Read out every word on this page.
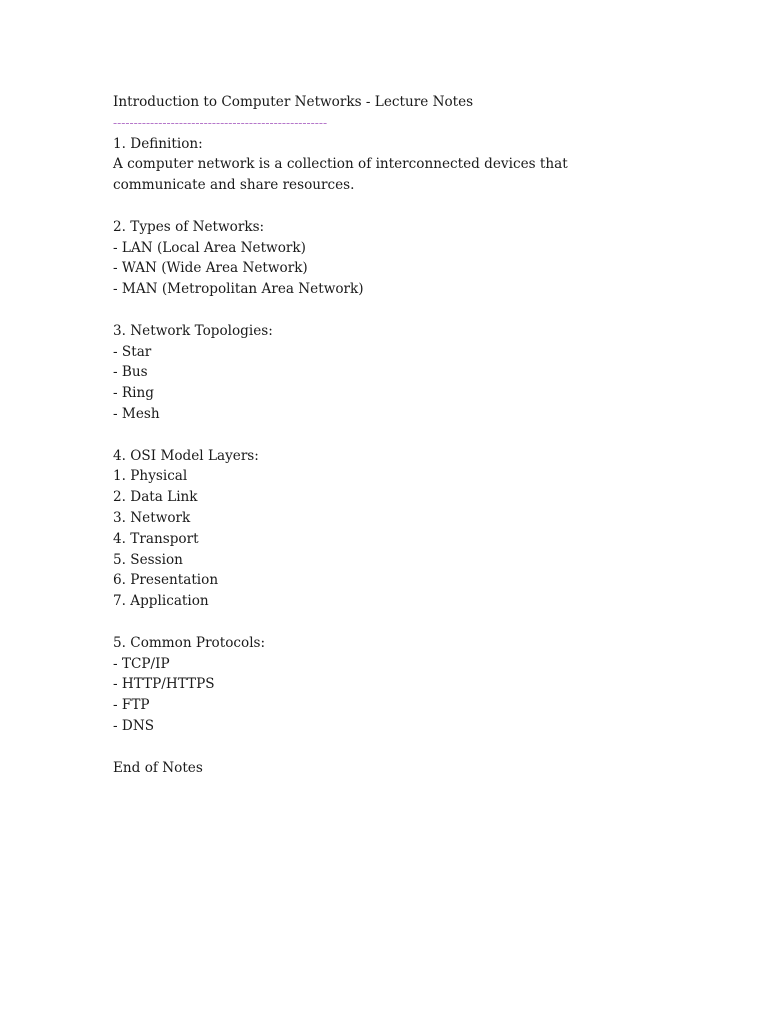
Introduction to Computer Networks - Lecture Notes
----------------------------------------------------
1. Definition:
A computer network is a collection of interconnected devices that communicate and share resources.
2. Types of Networks:
- LAN (Local Area Network)
- WAN (Wide Area Network)
- MAN (Metropolitan Area Network)
3. Network Topologies:
- Star
- Bus
- Ring
- Mesh
4. OSI Model Layers:
1. Physical
2. Data Link
3. Network
4. Transport
5. Session
6. Presentation
7. Application
5. Common Protocols:
- TCP/IP
- HTTP/HTTPS
- FTP
- DNS
End of Notes
